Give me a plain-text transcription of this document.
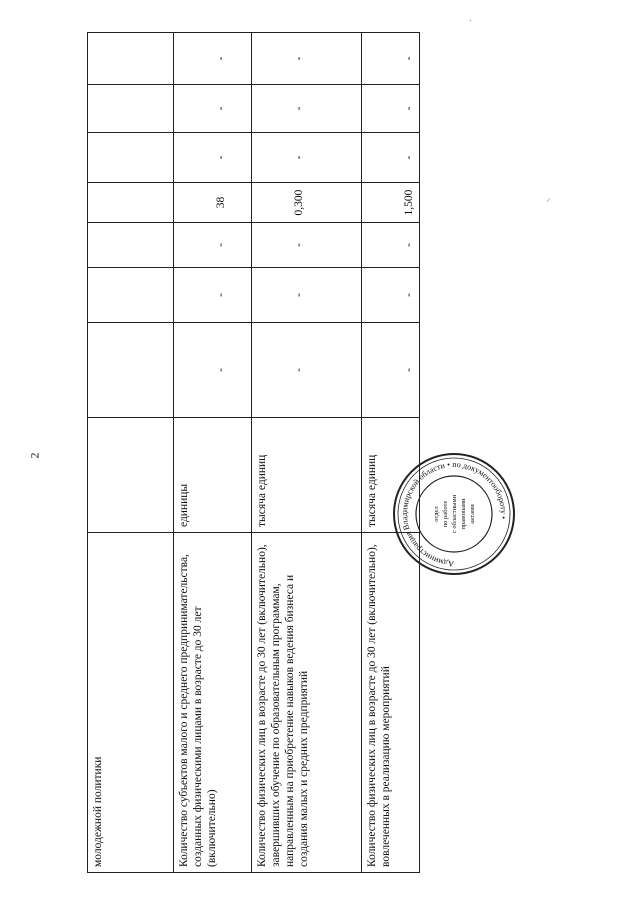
2
молодежной политики								
Количество субъектов малого и среднего предпринимательства, созданных физическими лицами в возрасте до 30 лет (включительно)	единицы	-	-	-	38	-	-	-
Количество физических лиц в возрасте до 30 лет (включительно), завершивших обучение по образовательным программам, направленным на приобретение навыков ведения бизнеса и создания малых и средних предприятий	тысяча единиц	-	-	-	0,300	-	-	-
Количество физических лиц в возрасте до 30 лет (включительно), вовлеченных в реализацию мероприятий	тысяча единиц	-	-	-	1,500	-	-	-
Администрация Владимирской области • по документообороту •
отдел по работе с областными правовыми актами
·
⸝
